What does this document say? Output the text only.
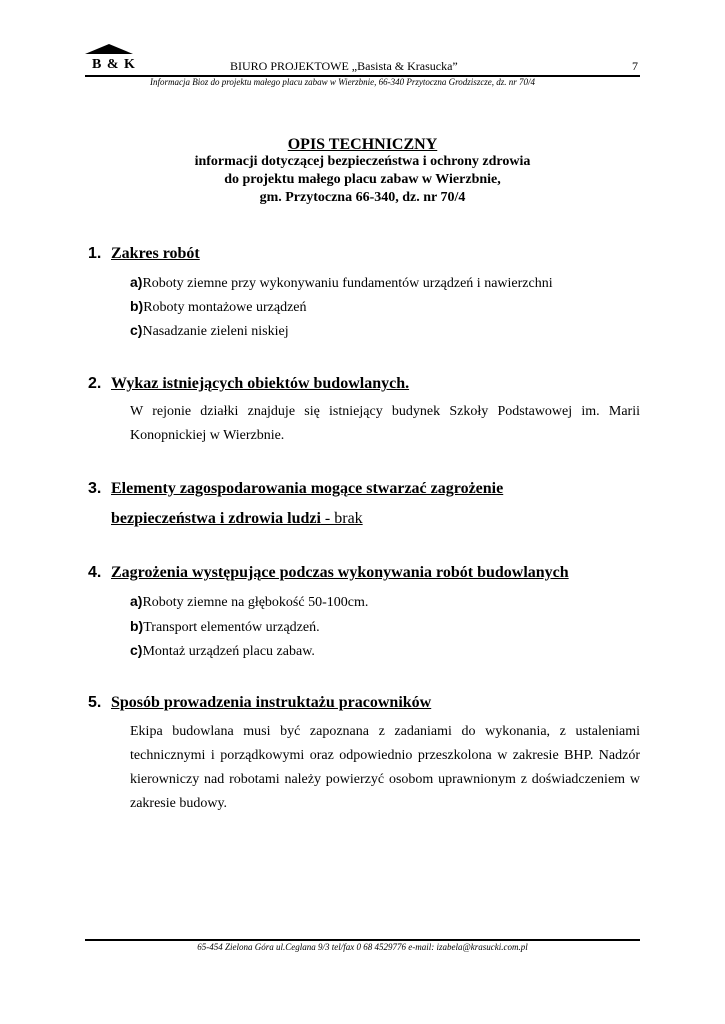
B & K	BIURO PROJEKTOWE „Basista & Krasucka”	7
Informacja Bioz do projektu małego placu zabaw w Wierzbnie, 66-340 Przytoczna Grodziszcze, dz. nr 70/4
OPIS TECHNICZNY
informacji dotyczącej bezpieczeństwa i ochrony zdrowia
do projektu małego placu zabaw w Wierzbnie,
gm. Przytoczna 66-340, dz. nr 70/4
1. Zakres robót
a)Roboty ziemne przy wykonywaniu fundamentów urządzeń i nawierzchni
b)Roboty montażowe urządzeń
c)Nasadzanie zieleni niskiej
2. Wykaz istniejących obiektów budowlanych.
W rejonie działki znajduje się istniejący budynek Szkoły Podstawowej im. Marii Konopnickiej w Wierzbnie.
3. Elementy zagospodarowania mogące stwarzać zagrożenie
bezpieczeństwa i zdrowia ludzi - brak
4. Zagrożenia występujące podczas wykonywania robót budowlanych
a)Roboty ziemne na głębokość 50-100cm.
b)Transport elementów urządzeń.
c)Montaż urządzeń placu zabaw.
5. Sposób prowadzenia instruktażu pracowników
Ekipa budowlana musi być zapoznana z zadaniami do wykonania, z ustaleniami technicznymi i porządkowymi oraz odpowiednio przeszkolona w zakresie BHP. Nadzór kierowniczy nad robotami należy powierzyć osobom uprawnionym z doświadczeniem w zakresie budowy.
65-454 Zielona Góra ul.Ceglana 9/3 tel/fax 0 68 4529776 e-mail: izabela@krasucki.com.pl
